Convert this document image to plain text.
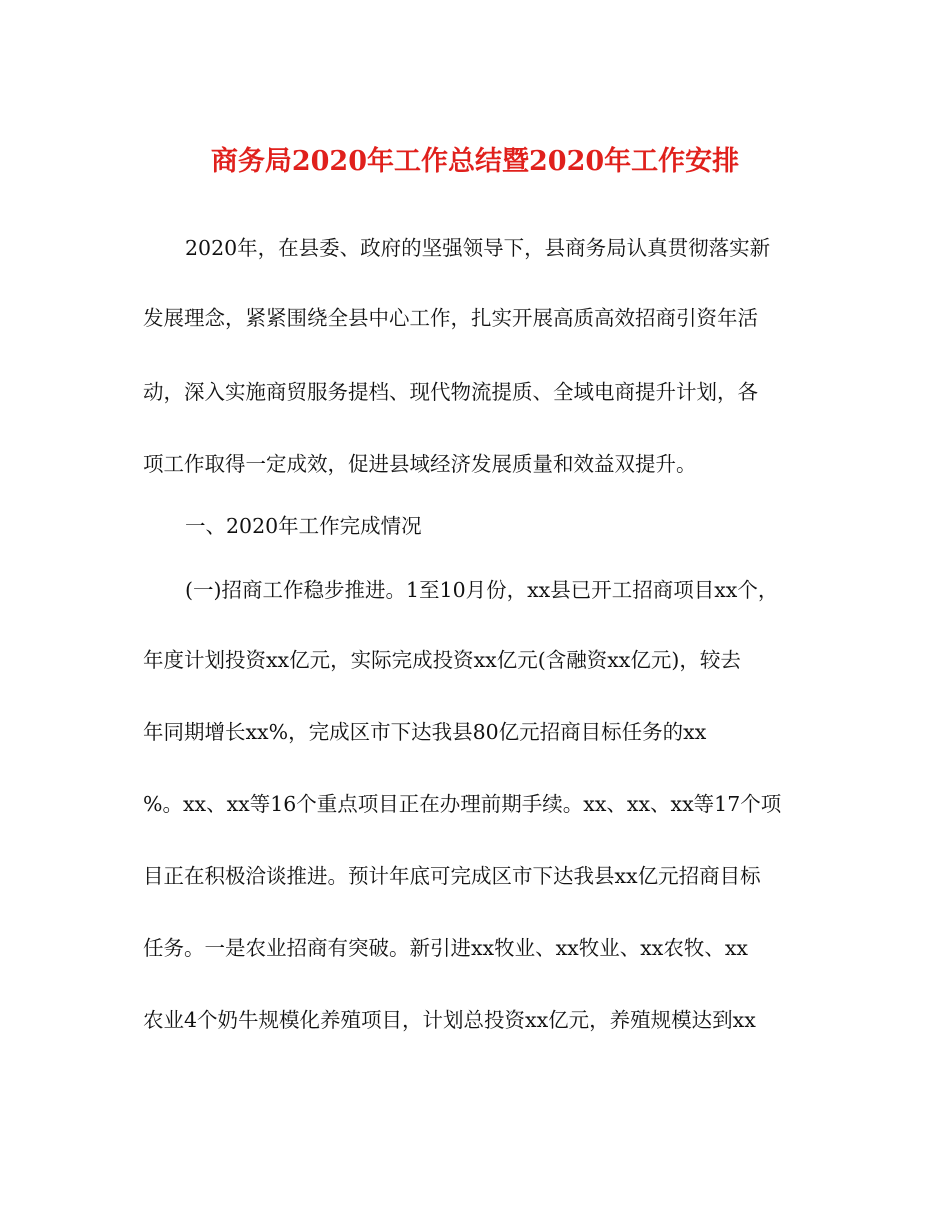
商务局2020年工作总结暨2020年工作安排

2020年，在县委、政府的坚强领导下，县商务局认真贯彻落实新

发展理念，紧紧围绕全县中心工作，扎实开展高质高效招商引资年活

动，深入实施商贸服务提档、现代物流提质、全域电商提升计划，各

项工作取得一定成效，促进县域经济发展质量和效益双提升。

一、2020年工作完成情况

(一)招商工作稳步推进。1至10月份，xx县已开工招商项目xx个，

年度计划投资xx亿元，实际完成投资xx亿元(含融资xx亿元)，较去

年同期增长xx%，完成区市下达我县80亿元招商目标任务的xx

%。xx、xx等16个重点项目正在办理前期手续。xx、xx、xx等17个项

目正在积极洽谈推进。预计年底可完成区市下达我县xx亿元招商目标

任务。一是农业招商有突破。新引进xx牧业、xx牧业、xx农牧、xx

农业4个奶牛规模化养殖项目，计划总投资xx亿元，养殖规模达到xx
